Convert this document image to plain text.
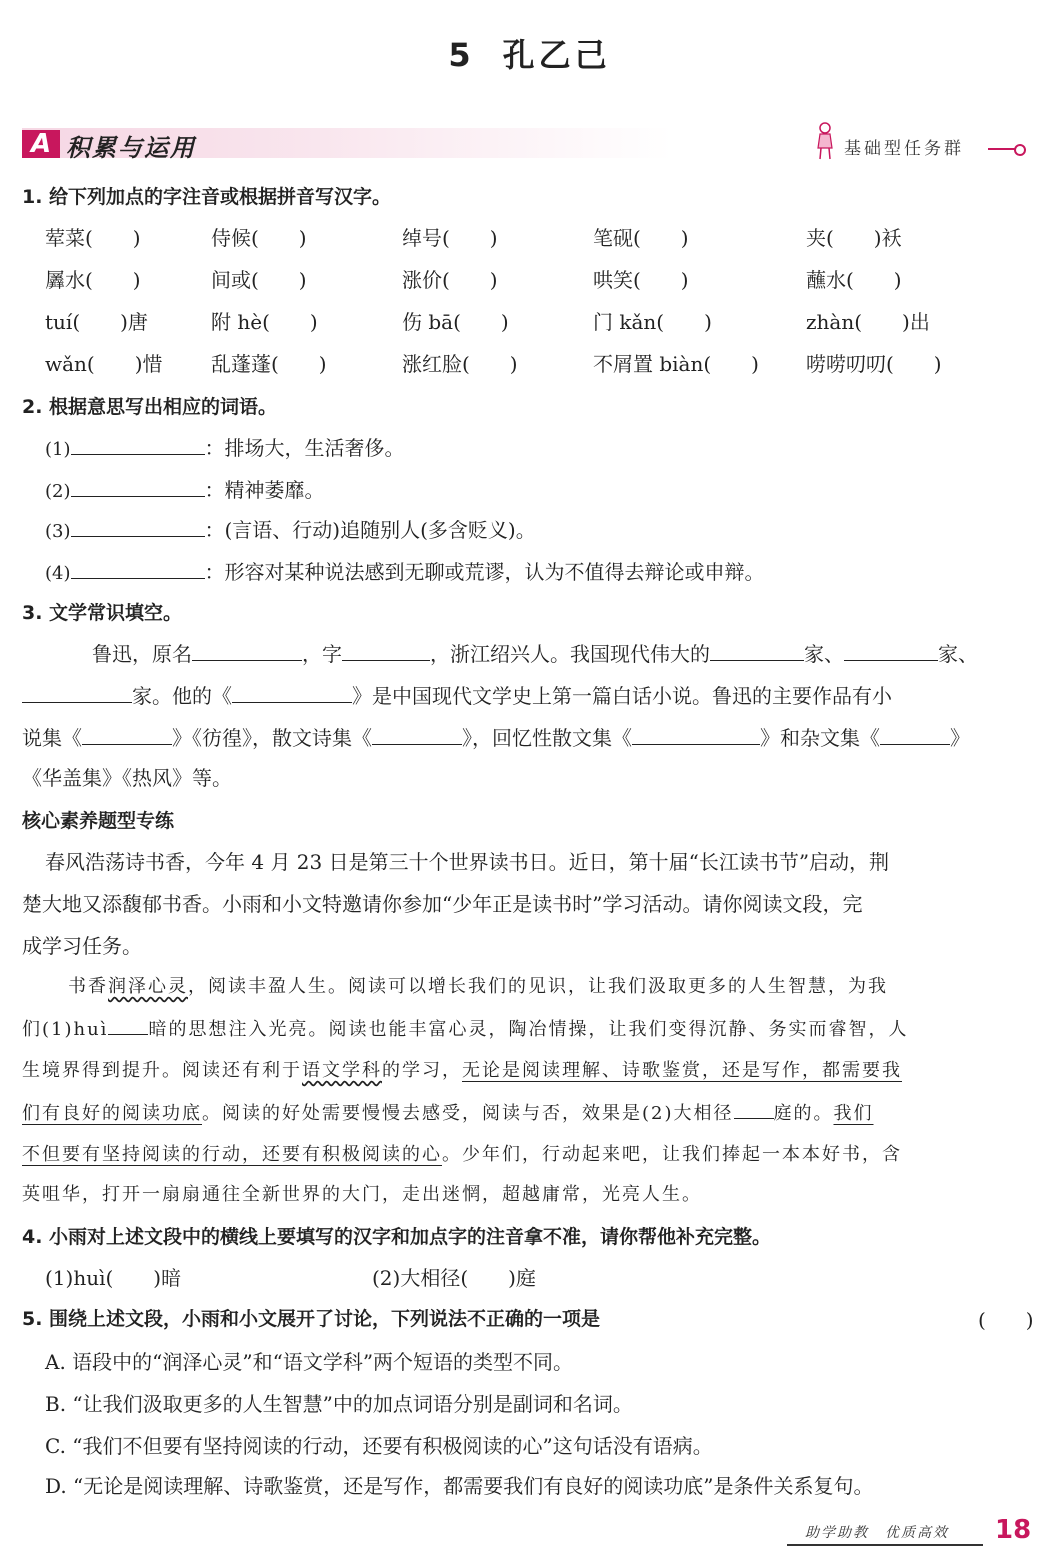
5 孔乙己
A 积累与运用	基础型任务群
1. 给下列加点的字注音或根据拼音写汉字。
荤菜(　　)	侍候(　　)	绰号(　　)	笔砚(　　)	夹(　　)袄
羼水(　　)	间或(　　)	涨价(　　)	哄笑(　　)	蘸水(　　)
tuí(　　)唐	附 hè(　　)	伤 bā(　　)	门 kǎn(　　)	zhàn(　　)出
wǎn(　　)惜 乱蓬蓬(　　)	涨红脸(　　)	不屑置 biàn(　　) 唠唠叨叨(　　)
2. 根据意思写出相应的词语。
(1)	：排场大，生活奢侈。
(2)	：精神萎靡。
(3)	：(言语、行动)追随别人(多含贬义)。
(4)	：形容对某种说法感到无聊或荒谬，认为不值得去辩论或申辩。
3. 文学常识填空。
鲁迅，原名	，字	，浙江绍兴人。我国现代伟大的	家、	家、
家。他的《	》是中国现代文学史上第一篇白话小说。鲁迅的主要作品有小
说集《	》《彷徨》，散文诗集《	》，回忆性散文集《	》和杂文集《	》
《华盖集》《热风》等。
核心素养题型专练
春风浩荡诗书香，今年 4 月 23 日是第三十个世界读书日。近日，第十届“长江读书节”启动，荆
楚大地又添馥郁书香。小雨和小文特邀请你参加“少年正是读书时”学习活动。请你阅读文段，完
成学习任务。
书香润泽心灵，阅读丰盈人生。阅读可以增长我们的见识，让我们汲取更多的人生智慧，为我
们(1)huì 暗的思想注入光亮。阅读也能丰富心灵，陶冶情操，让我们变得沉静、务实而睿智，人
生境界得到提升。阅读还有利于语文学科的学习，无论是阅读理解、诗歌鉴赏，还是写作，都需要我
们有良好的阅读功底。阅读的好处需要慢慢去感受，阅读与否，效果是(2)大相径 庭的。我们
不但要有坚持阅读的行动，还要有积极阅读的心。少年们，行动起来吧，让我们捧起一本本好书，含
英咀华，打开一扇扇通往全新世界的大门，走出迷惘，超越庸常，光亮人生。
4. 小雨对上述文段中的横线上要填写的汉字和加点字的注音拿不准，请你帮他补充完整。
(1)huì(　　)暗	(2)大相径(　　)庭
5. 围绕上述文段，小雨和小文展开了讨论，下列说法不正确的一项是	(　　)
A. 语段中的“润泽心灵”和“语文学科”两个短语的类型不同。
B. “让我们汲取更多的人生智慧”中的加点词语分别是副词和名词。
C. “我们不但要有坚持阅读的行动，还要有积极阅读的心”这句话没有语病。
D. “无论是阅读理解、诗歌鉴赏，还是写作，都需要我们有良好的阅读功底”是条件关系复句。
助学助教　优质高效 18
